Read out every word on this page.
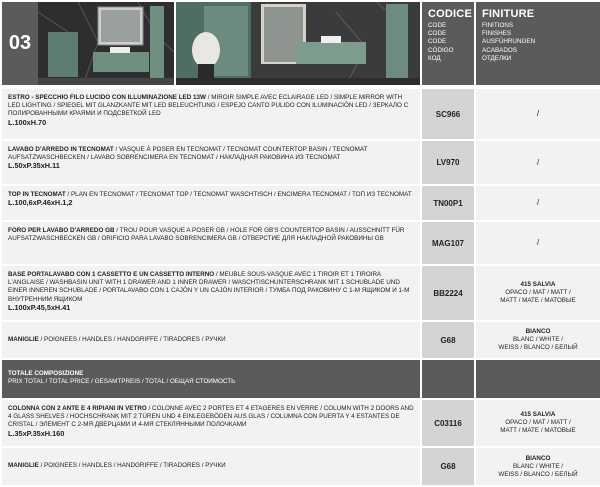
03
CODICE
CODE
CODE
CODE
CÓDIGO
КОД
FINITURE
FINITIONS
FINISHES
AUSFÜHRUNGEN
ACABADOS
ОТДЕЛКИ
ESTRO - SPECCHIO FILO LUCIDO CON ILLUMINAZIONE LED 13W / MIROIR SIMPLE AVEC ECLAIRAGE LED / SIMPLE MIRROR WITH LED LIGHTING / SPIEGEL MIT GLANZKANTE MIT LED BELEUCHTUNG / ESPEJO CANTO PULIDO CON ILUMINACIÓN LED / ЗЕРКАЛО С ПОЛИРОВАННЫМИ КРАЯМИ И ПОДСВЕТКОЙ LED
L.100xH.70
SC966	/
LAVABO D'ARREDO IN TECNOMAT / VASQUE À POSER EN TECNOMAT / TECNOMAT COUNTERTOP BASIN / TECNOMAT AUFSATZWASCHBECKEN / LAVABO SOBRENCIMERA EN TECNOMAT / НАКЛАДНАЯ РАКОВИНА ИЗ TECNOMAT
L.50xP.35xH.11	LV970	/
TOP IN TECNOMAT / PLAN EN TECNOMAT / TECNOMAT TOP / TECNOMAT WASCHTISCH / ENCIMERA TECNOMAT / ТОП ИЗ TECNOMAT
L.100,6xP.46xH.1,2	TN00P1	/
FORO PER LAVABO D'ARREDO GB / TROU POUR VASQUE A POSER GB / HOLE FOR GB'S COUNTERTOP BASIN / AUSSCHNITT FÜR AUFSATZWASCHBECKEN GB / ORIFICIO PARA LAVABO SOBRENCIMERA GB / ОТВЕРСТИЕ ДЛЯ НАКЛАДНОЙ РАКОВИНЫ GB	MAG107	/
BASE PORTALAVABO CON 1 CASSETTO E UN CASSETTO INTERNO / MEUBLE SOUS-VASQUE AVEC 1 TIROIR ET 1 TIROIRA L'ANGLAISE / WASHBASIN UNIT WITH 1 DRAWER AND 1 INNER DRAWER / WASCHTISCHUNTERSCHRANK MIT 1 SCHUBLADE UND EINER INNEREN SCHUBLADE / PORTALAVABO CON 1 CAJÓN Y UN CAJÓN INTERIOR / ТУМБА ПОД РАКОВИНУ С 1-М ЯЩИКОМ И 1-М ВНУТРЕННИМ ЯЩИКОМ
L.100xP.45,5xH.41
BB2224
415 SALVIA
OPACO / MAT / MATT /
MATT / MATE / МАТОВЫЕ
MANIGLIE / POIGNEES / HANDLES / HANDGRIFFE / TIRADORES / РУЧКИ	G68
BIANCO
BLANC / WHITE /
WEISS / BLANCO / БЕЛЫЙ
TOTALE COMPOSIZIONE
PRIX TOTAL / TOTAL PRICE / GESAMTPREIS / TOTAL / ОБЩАЯ СТОИМОСТЬ
COLONNA CON 2 ANTE E 4 RIPIANI IN VETRO / COLONNE AVEC 2 PORTES ET 4 ETAGERES EN VERRE / COLUMN WITH 2 DOORS AND 4 GLASS SHELVES / HOCHSCHRANK MIT 2 TÜREN UND 4 EINLEGEBÖDEN AUS GLAS / COLUMNA CON PUERTA Y 4 ESTANTES DE CRISTAL / ЭЛЕМЕНТ С 2-МЯ ДВЕРЦАМИ И 4-МЯ СТЕКЛЯННЫМИ ПОЛОЧКАМИ
L.35xP.35xH.160
C03116
415 SALVIA
OPACO / MAT / MATT /
MATT / MATE / МАТОВЫЕ
MANIGLIE / POIGNEES / HANDLES / HANDGRIFFE / TIRADORES / РУЧКИ	G68
BIANCO
BLANC / WHITE /
WEISS / BLANCO / БЕЛЫЙ
